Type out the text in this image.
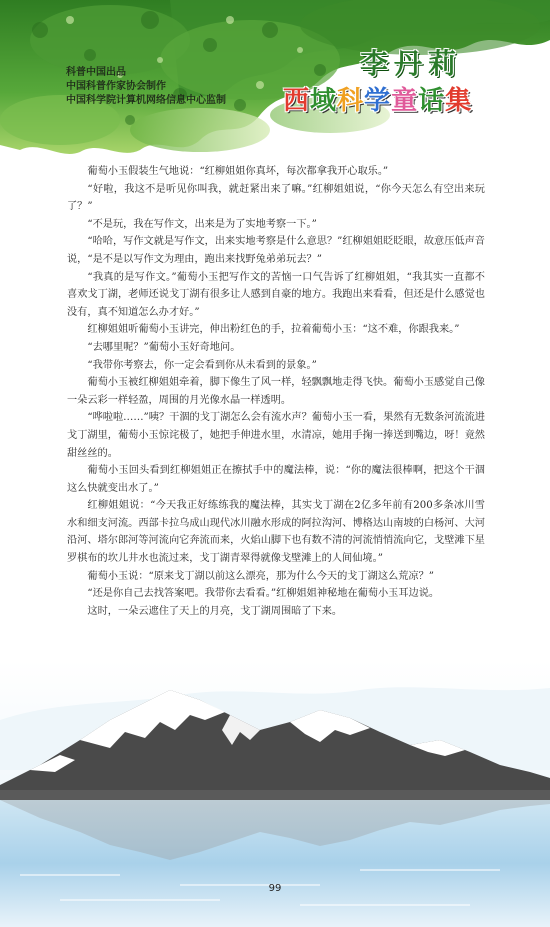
科普中国出品
中国科普作家协会制作
中国科学院计算机网络信息中心监制
李丹莉
西域科学童话集

葡萄小玉假装生气地说：“红柳姐姐你真坏，每次都拿我开心取乐。”

“好啦，我这不是听见你叫我，就赶紧出来了嘛。”红柳姐姐说，“你今天怎么有空出来玩了？”

“不是玩，我在写作文，出来是为了实地考察一下。”

“哈哈，写作文就是写作文，出来实地考察是什么意思？”红柳姐姐眨眨眼，故意压低声音说，“是不是以写作文为理由，跑出来找野兔弟弟玩去？”

“我真的是写作文。”葡萄小玉把写作文的苦恼一口气告诉了红柳姐姐，“我其实一直都不喜欢戈丁湖，老师还说戈丁湖有很多让人感到自豪的地方。我跑出来看看，但还是什么感觉也没有，真不知道怎么办才好。”

红柳姐姐听葡萄小玉讲完，伸出粉红色的手，拉着葡萄小玉：“这不难，你跟我来。”

“去哪里呢？”葡萄小玉好奇地问。

“我带你考察去，你一定会看到你从未看到的景象。”

葡萄小玉被红柳姐姐牵着，脚下像生了风一样，轻飘飘地走得飞快。葡萄小玉感觉自己像一朵云彩一样轻盈，周围的月光像水晶一样透明。

“哗啦啦……”咦？干涸的戈丁湖怎么会有流水声？葡萄小玉一看，果然有无数条河流流进戈丁湖里，葡萄小玉惊诧极了，她把手伸进水里，水清凉，她用手掬一捧送到嘴边，呀！竟然甜丝丝的。

葡萄小玉回头看到红柳姐姐正在擦拭手中的魔法棒，说：“你的魔法很棒啊，把这个干涸这么快就变出水了。”

红柳姐姐说：“今天我正好练练我的魔法棒，其实戈丁湖在2亿多年前有200多条冰川雪水和细支河流。西部卡拉乌成山现代冰川融水形成的阿拉沟河、博格达山南坡的白杨河、大河沿河、塔尔郎河等河流向它奔流而来，火焰山脚下也有数不清的河流悄悄流向它，戈壁滩下星罗棋布的坎儿井水也流过来，戈丁湖青翠得就像戈壁滩上的人间仙境。”

葡萄小玉说：“原来戈丁湖以前这么漂亮，那为什么今天的戈丁湖这么荒凉？”

“还是你自己去找答案吧。我带你去看看。”红柳姐姐神秘地在葡萄小玉耳边说。

这时，一朵云遮住了天上的月亮，戈丁湖周围暗了下来。

99
